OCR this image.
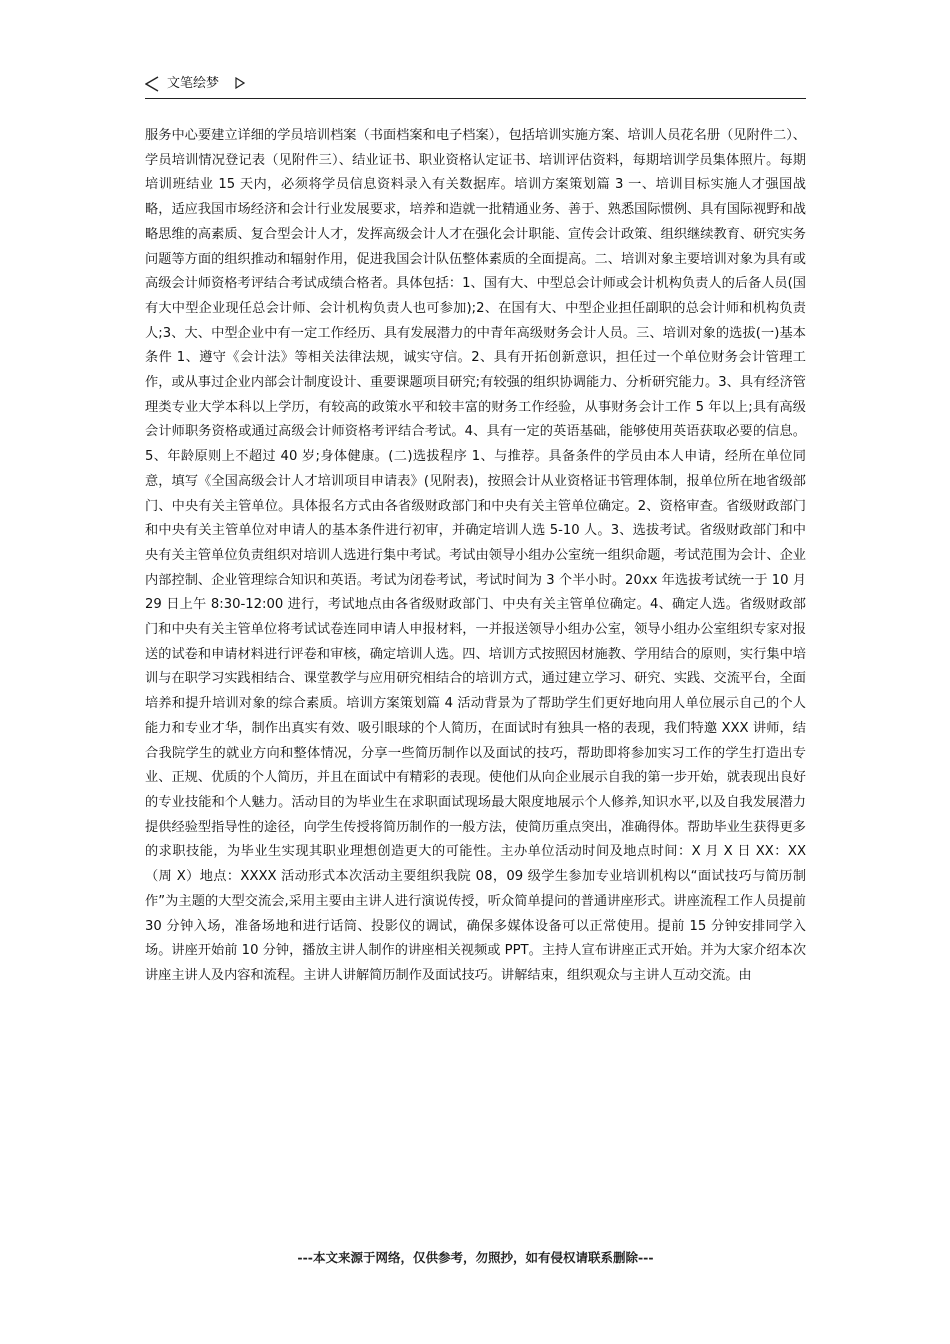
文笔绘梦
服务中心要建立详细的学员培训档案（书面档案和电子档案），包括培训实施方案、培训人员花名册（见附件二）、学员培训情况登记表（见附件三）、结业证书、职业资格认定证书、培训评估资料，每期培训学员集体照片。每期培训班结业 15 天内，必须将学员信息资料录入有关数据库。培训方案策划篇 3 一、培训目标实施人才强国战略，适应我国市场经济和会计行业发展要求，培养和造就一批精通业务、善于、熟悉国际惯例、具有国际视野和战略思维的高素质、复合型会计人才，发挥高级会计人才在强化会计职能、宣传会计政策、组织继续教育、研究实务问题等方面的组织推动和辐射作用，促进我国会计队伍整体素质的全面提高。二、培训对象主要培训对象为具有或高级会计师资格考评结合考试成绩合格者。具体包括：1、国有大、中型总会计师或会计机构负责人的后备人员(国有大中型企业现任总会计师、会计机构负责人也可参加);2、在国有大、中型企业担任副职的总会计师和机构负责人;3、大、中型企业中有一定工作经历、具有发展潜力的中青年高级财务会计人员。三、培训对象的选拔(一)基本条件 1、遵守《会计法》等相关法律法规，诚实守信。2、具有开拓创新意识，担任过一个单位财务会计管理工作，或从事过企业内部会计制度设计、重要课题项目研究;有较强的组织协调能力、分析研究能力。3、具有经济管理类专业大学本科以上学历，有较高的政策水平和较丰富的财务工作经验，从事财务会计工作 5 年以上;具有高级会计师职务资格或通过高级会计师资格考评结合考试。4、具有一定的英语基础，能够使用英语获取必要的信息。5、年龄原则上不超过 40 岁;身体健康。(二)选拔程序 1、与推荐。具备条件的学员由本人申请，经所在单位同意，填写《全国高级会计人才培训项目申请表》(见附表)，按照会计从业资格证书管理体制，报单位所在地省级部门、中央有关主管单位。具体报名方式由各省级财政部门和中央有关主管单位确定。2、资格审查。省级财政部门和中央有关主管单位对申请人的基本条件进行初审，并确定培训人选 5-10 人。3、选拔考试。省级财政部门和中央有关主管单位负责组织对培训人选进行集中考试。考试由领导小组办公室统一组织命题，考试范围为会计、企业内部控制、企业管理综合知识和英语。考试为闭卷考试，考试时间为 3 个半小时。20xx 年选拔考试统一于 10 月 29 日上午 8:30-12:00 进行，考试地点由各省级财政部门、中央有关主管单位确定。4、确定人选。省级财政部门和中央有关主管单位将考试试卷连同申请人申报材料，一并报送领导小组办公室，领导小组办公室组织专家对报送的试卷和申请材料进行评卷和审核，确定培训人选。四、培训方式按照因材施教、学用结合的原则，实行集中培训与在职学习实践相结合、课堂教学与应用研究相结合的培训方式，通过建立学习、研究、实践、交流平台，全面培养和提升培训对象的综合素质。培训方案策划篇 4 活动背景为了帮助学生们更好地向用人单位展示自己的个人能力和专业才华，制作出真实有效、吸引眼球的个人简历，在面试时有独具一格的表现，我们特邀 XXX 讲师，结合我院学生的就业方向和整体情况，分享一些简历制作以及面试的技巧，帮助即将参加实习工作的学生打造出专业、正规、优质的个人简历，并且在面试中有精彩的表现。使他们从向企业展示自我的第一步开始，就表现出良好的专业技能和个人魅力。活动目的为毕业生在求职面试现场最大限度地展示个人修养,知识水平,以及自我发展潜力提供经验型指导性的途径，向学生传授将简历制作的一般方法，使简历重点突出，准确得体。帮助毕业生获得更多的求职技能，为毕业生实现其职业理想创造更大的可能性。主办单位活动时间及地点时间：X 月 X 日 XX：XX（周 X）地点：XXXX 活动形式本次活动主要组织我院 08，09 级学生参加专业培训机构以“面试技巧与简历制作”为主题的大型交流会,采用主要由主讲人进行演说传授，听众简单提问的普通讲座形式。讲座流程工作人员提前 30 分钟入场，准备场地和进行话筒、投影仪的调试，确保多媒体设备可以正常使用。提前 15 分钟安排同学入场。讲座开始前 10 分钟，播放主讲人制作的讲座相关视频或 PPT。主持人宣布讲座正式开始。并为大家介绍本次讲座主讲人及内容和流程。主讲人讲解简历制作及面试技巧。讲解结束，组织观众与主讲人互动交流。由
---本文来源于网络，仅供参考，勿照抄，如有侵权请联系删除---
